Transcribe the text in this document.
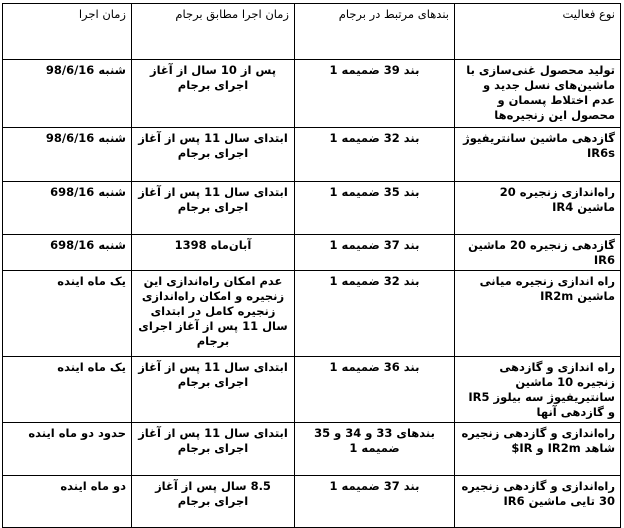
نوع فعالیت	بندهای مرتبط در برجام	زمان اجرا مطابق برجام	زمان اجرا
تولید محصول غنی‌سازی با ماشین‌های نسل جدید و عدم اختلاط پسمان و محصول این زنجیره‌ها	بند 39 ضمیمه 1	پس از 10 سال از آغاز اجرای برجام	شنبه 98/6/16
گازدهی ماشین سانتریفیوژ IR6s	بند 32 ضمیمه 1	ابتدای سال 11 پس از آغاز اجرای برجام	شنبه 98/6/16
راه‌اندازی زنجیره 20 ماشین IR4	بند 35 ضمیمه 1	ابتدای سال 11 پس از آغاز اجرای برجام	شنبه 698/16
گازدهی زنجیره 20 ماشین IR6	بند 37 ضمیمه 1	آبان‌ماه 1398	شنبه 698/16
راه اندازی زنجیره میانی ماشین IR2m	بند 32 ضمیمه 1	عدم امکان راه‌اندازی این زنجیره و امکان راه‌اندازی زنجیره کامل در ابتدای سال 11 پس از آغاز اجرای برجام	یک ماه اینده
راه اندازی و گازدهی زنجیره 10 ماشین سانتیریفیوژ سه بیلوز IR5 و گازدهی آنها	بند 36 ضمیمه 1	ابتدای سال 11 پس از آغاز اجرای برجام	یک ماه اینده
راه‌اندازی و گازدهی زنجیره شاهد IR2m و IR$	بندهای 33 و 34 و 35 ضمیمه 1	ابتدای سال 11 پس از آغاز اجرای برجام	حدود دو ماه اینده
راه‌اندازی و گازدهی زنجیره 30 تایی ماشین IR6	بند 37 ضمیمه 1	8.5 سال پس از آغاز اجرای برجام	دو ماه اینده
